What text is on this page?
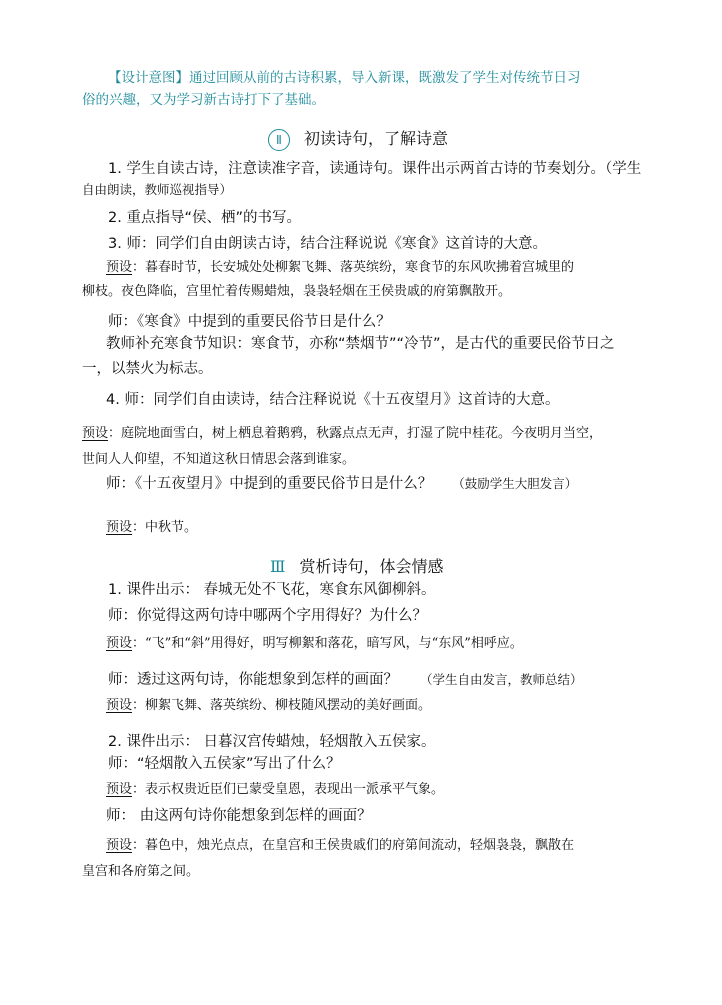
【设计意图】通过回顾从前的古诗积累，导入新课，既激发了学生对传统节日习
俗的兴趣，又为学习新古诗打下了基础。
Ⅱ 初读诗句，了解诗意
1. 学生自读古诗，注意读准字音，读通诗句。课件出示两首古诗的节奏划分。（学生
自由朗读，教师巡视指导）
2. 重点指导“侯、栖”的书写。
3. 师：同学们自由朗读古诗，结合注释说说《寒食》这首诗的大意。
预设：暮春时节，长安城处处柳絮飞舞、落英缤纷，寒食节的东风吹拂着宫城里的
柳枝。夜色降临，宫里忙着传赐蜡烛，袅袅轻烟在王侯贵戚的府第飘散开。
师：《寒食》中提到的重要民俗节日是什么？
教师补充寒食节知识：寒食节，亦称“禁烟节”“冷节”，是古代的重要民俗节日之
一，以禁火为标志。
4. 师：同学们自由读诗，结合注释说说《十五夜望月》这首诗的大意。
预设：庭院地面雪白，树上栖息着鹅鸦，秋露点点无声，打湿了院中桂花。今夜明月当空，
世间人人仰望，不知道这秋日情思会落到谁家。
师：《十五夜望月》中提到的重要民俗节日是什么？ （鼓励学生大胆发言）
预设：中秋节。
Ⅲ 赏析诗句，体会情感
1. 课件出示： 春城无处不飞花，寒食东风御柳斜。
师：你觉得这两句诗中哪两个字用得好？为什么？
预设：“飞”和“斜”用得好，明写柳絮和落花，暗写风，与“东风”相呼应。
师：透过这两句诗，你能想象到怎样的画面？ （学生自由发言，教师总结）
预设：柳絮飞舞、落英缤纷、柳枝随风摆动的美好画面。
2. 课件出示： 日暮汉宫传蜡烛，轻烟散入五侯家。
师：“轻烟散入五侯家”写出了什么？
预设：表示权贵近臣们已蒙受皇恩，表现出一派承平气象。
师： 由这两句诗你能想象到怎样的画面？
预设：暮色中，烛光点点，在皇宫和王侯贵戚们的府第间流动，轻烟袅袅，飘散在
皇宫和各府第之间。
